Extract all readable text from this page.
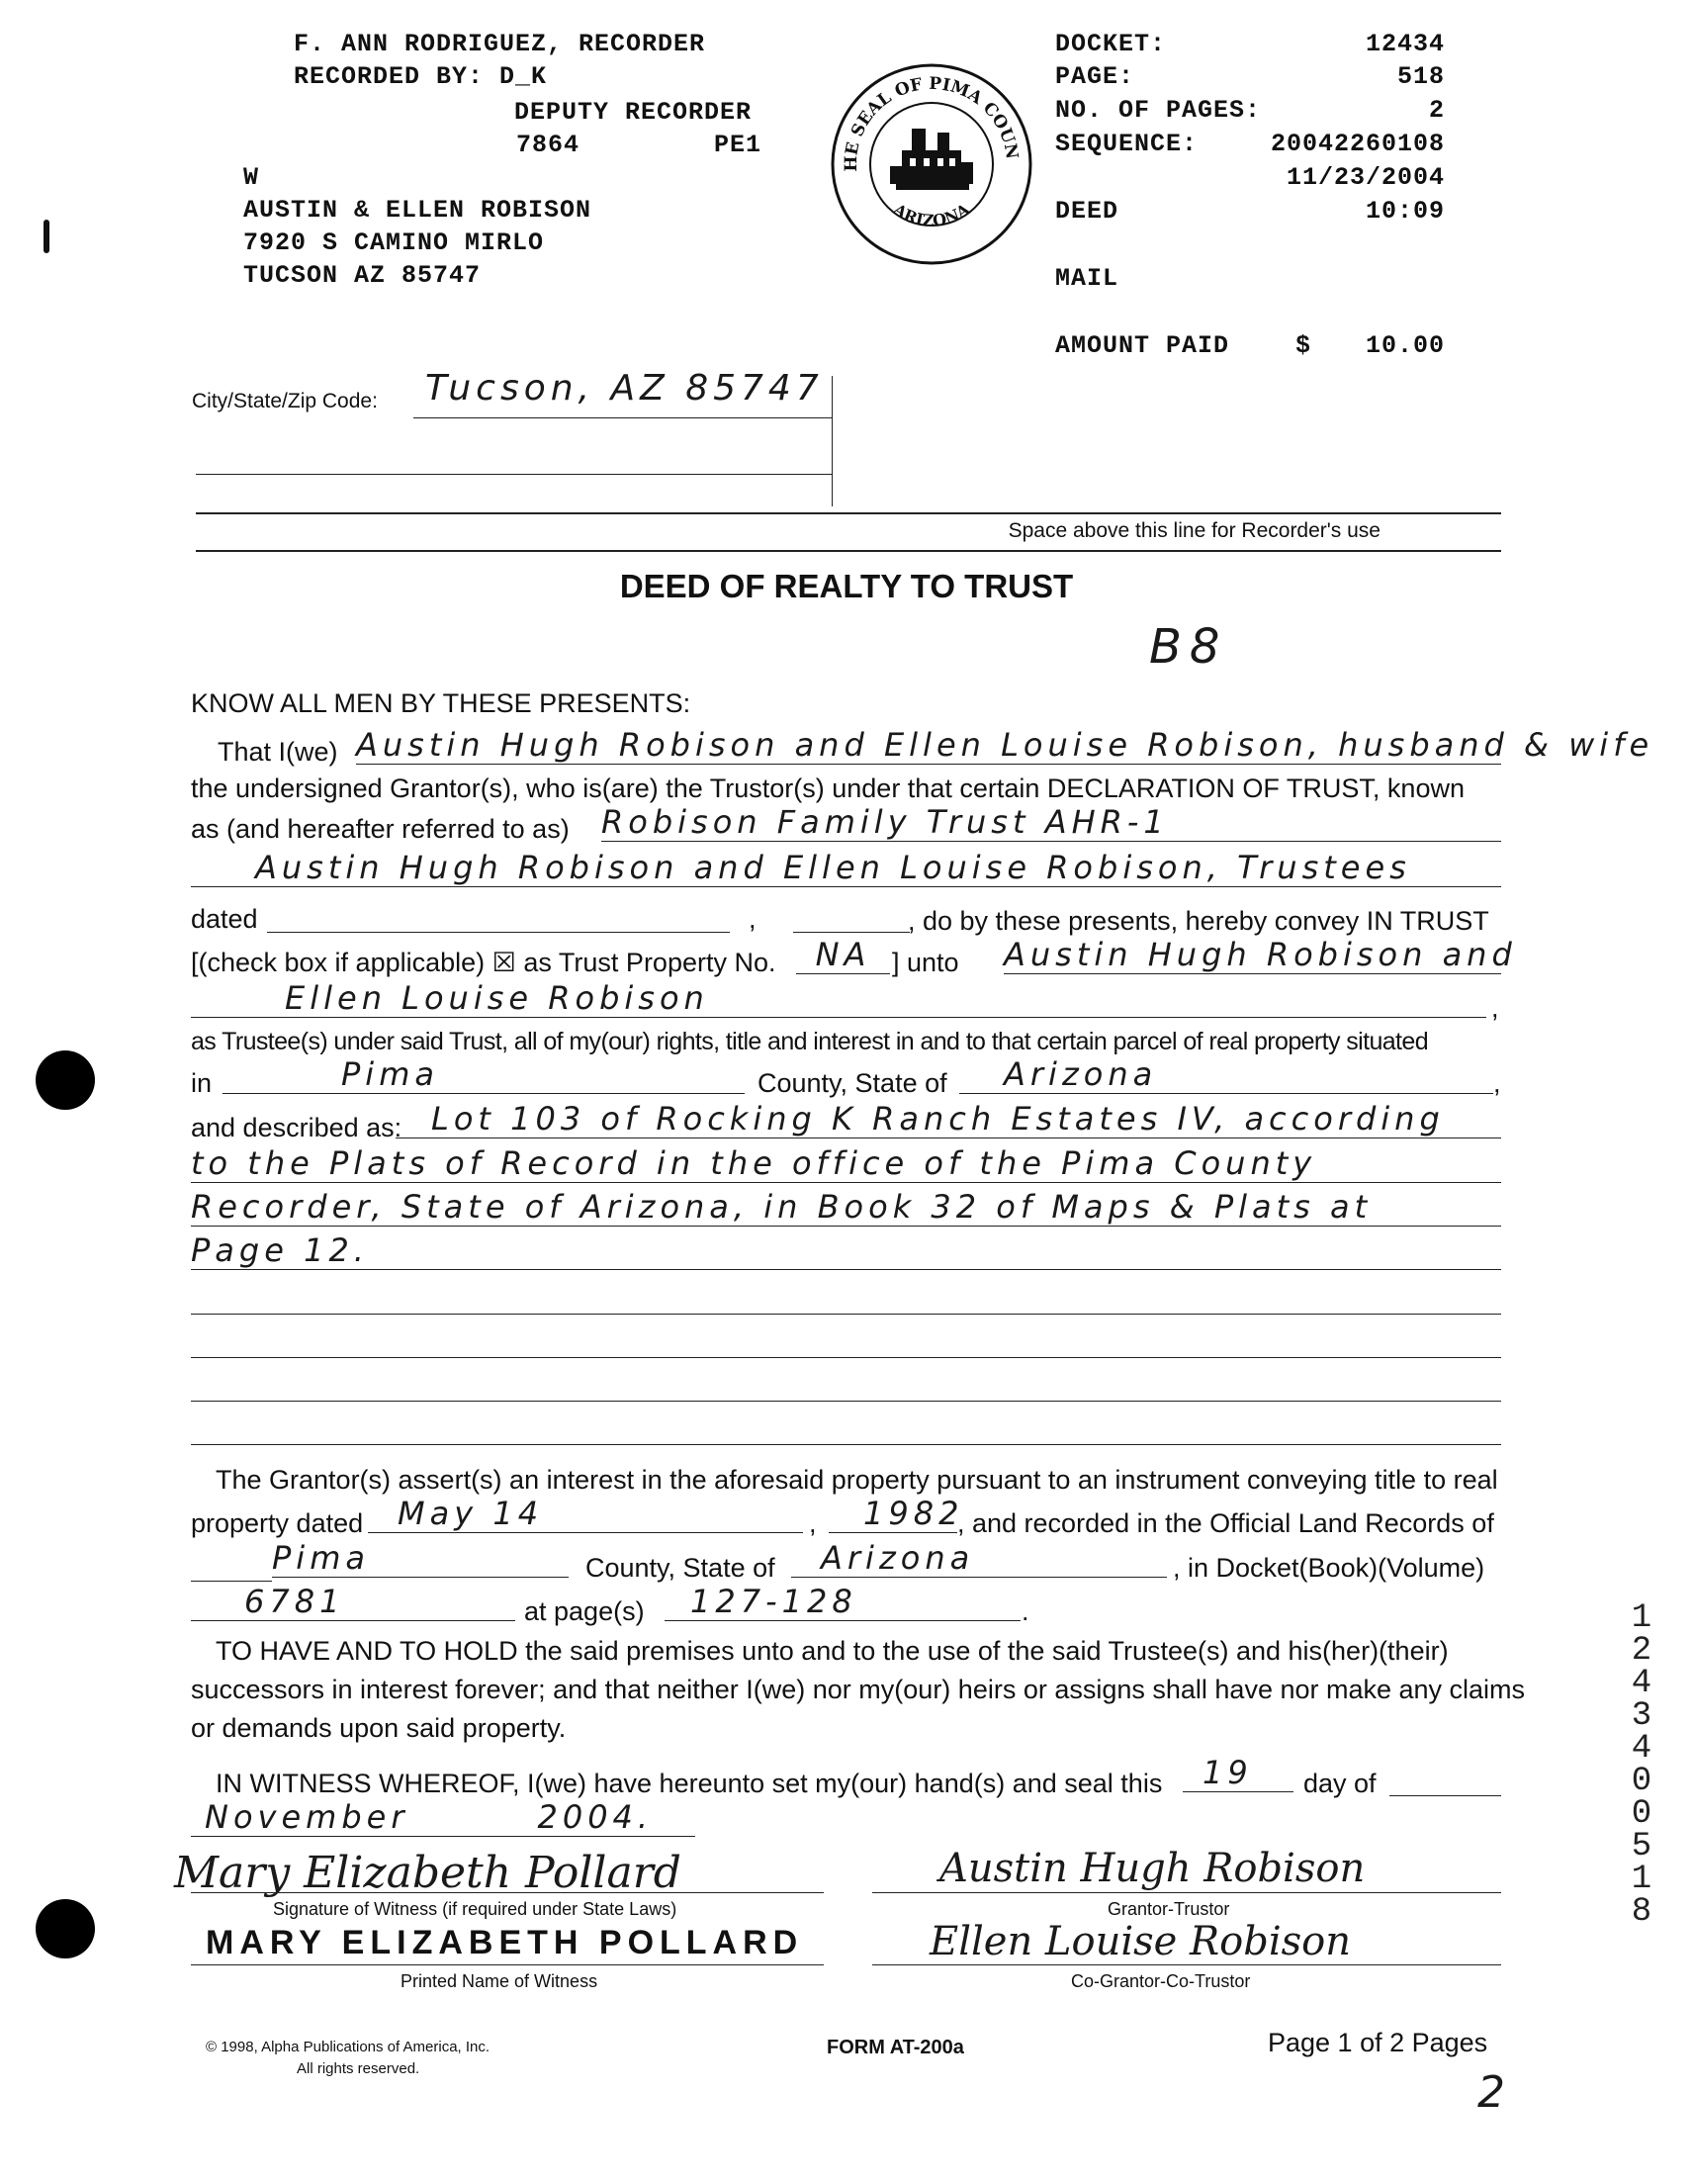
F. ANN RODRIGUEZ, RECORDER
RECORDED BY: D_K
DEPUTY RECORDER
7864	PE1
W
AUSTIN & ELLEN ROBISON
7920 S CAMINO MIRLO
TUCSON AZ 85747
HE SEAL OF PIMA COUN
ARIZONA
DOCKET:	12434
PAGE:	518
NO. OF PAGES:	2
SEQUENCE:	20042260108
11/23/2004
DEED	10:09
MAIL
AMOUNT PAID	$	10.00
City/State/Zip Code: Tucson, AZ 85747
Space above this line for Recorder's use
DEED OF REALTY TO TRUST
B8
KNOW ALL MEN BY THESE PRESENTS:
That I(we) Austin Hugh Robison and Ellen Louise Robison, husband & wife
the undersigned Grantor(s), who is(are) the Trustor(s) under that certain DECLARATION OF TRUST, known
as (and hereafter referred to as) Robison Family Trust AHR-1
Austin Hugh Robison and Ellen Louise Robison, Trustees
dated	,	, do by these presents, hereby convey IN TRUST
[(check box if applicable) ☒ as Trust Property No.	NA ] unto Austin Hugh Robison and
Ellen Louise Robison	,
as Trustee(s) under said Trust, all of my(our) rights, title and interest in and to that certain parcel of real property situated
in	Pima	County, State of	Arizona	,
and described as: Lot 103 of Rocking K Ranch Estates IV, according
to the Plats of Record in the office of the Pima County
Recorder, State of Arizona, in Book 32 of Maps & Plats at
Page 12.
The Grantor(s) assert(s) an interest in the aforesaid property pursuant to an instrument conveying title to real
property dated	May 14	,	1982
, and recorded in the Official Land Records of
Pima	County, State of	Arizona	, in Docket(Book)(Volume)
6781	at page(s)	127-128	.
TO HAVE AND TO HOLD the said premises unto and to the use of the said Trustee(s) and his(her)(their)
successors in interest forever; and that neither I(we) nor my(our) heirs or assigns shall have nor make any claims
or demands upon said property.
IN WITNESS WHEREOF, I(we) have hereunto set my(our) hand(s) and seal this	19	day of
November	2004.
Mary Elizabeth Pollard
Signature of Witness (if required under State Laws)
MARY ELIZABETH POLLARD
Printed Name of Witness
Austin Hugh Robison
Grantor-Trustor
Ellen Louise Robison
Co-Grantor-Co-Trustor
© 1998, Alpha Publications of America, Inc.
All rights reserved.
FORM AT-200a	Page 1 of 2 Pages
2
12434 00518
